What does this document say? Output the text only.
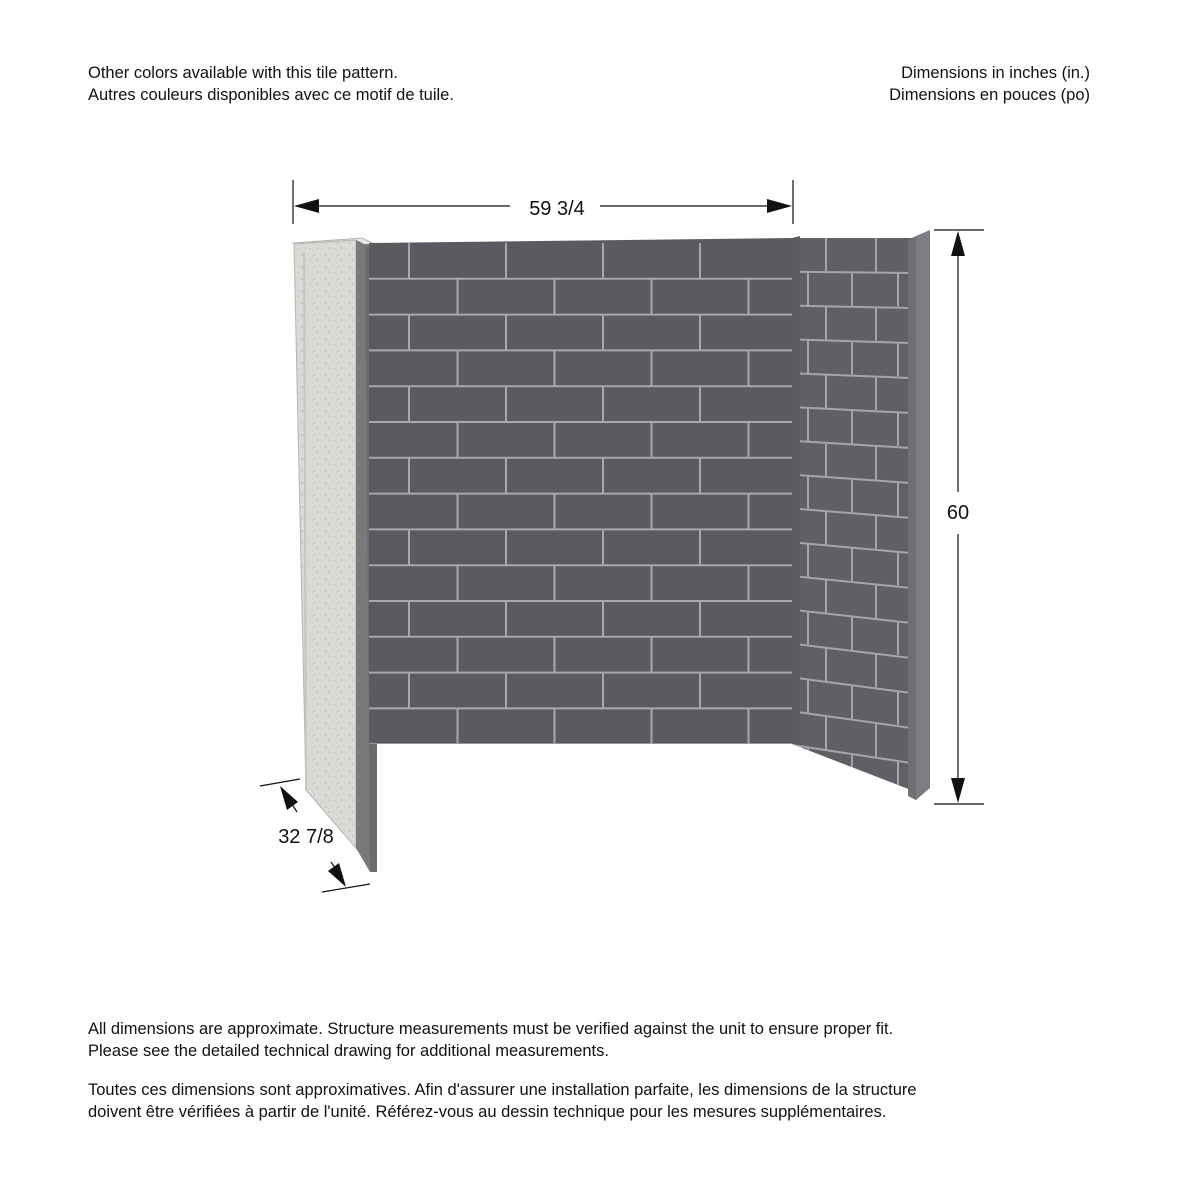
Other colors available with this tile pattern.
Autres couleurs disponibles avec ce motif de tuile.
Dimensions in inches (in.)
Dimensions en pouces (po)
59 3/4
60
32 7/8

All dimensions are approximate. Structure measurements must be verified against the unit to ensure proper fit.
Please see the detailed technical drawing for additional measurements.

Toutes ces dimensions sont approximatives. Afin d'assurer une installation parfaite, les dimensions de la structure
doivent être vérifiées à partir de l'unité. Référez-vous au dessin technique pour les mesures supplémentaires.
